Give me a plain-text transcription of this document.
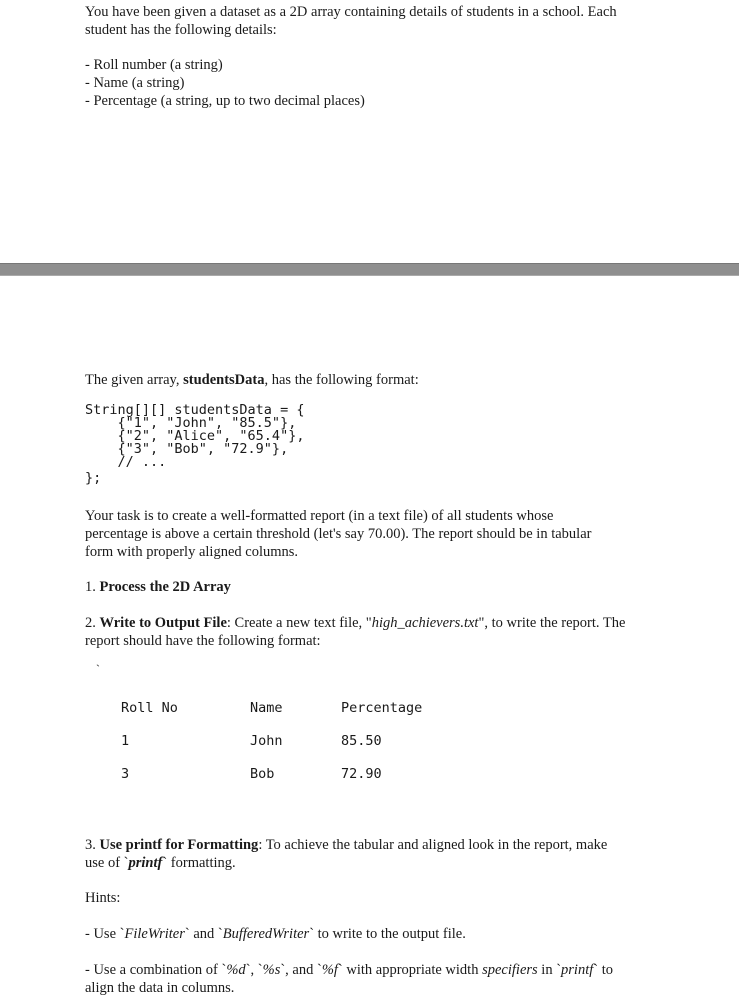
You have been given a dataset as a 2D array containing details of students in a school. Each
student has the following details:
- Roll number (a string)
- Name (a string)
- Percentage (a string, up to two decimal places)
The given array, studentsData, has the following format:
String[][] studentsData = {
{"1", "John", "85.5"},
{"2", "Alice", "65.4"},
{"3", "Bob", "72.9"},
// ...
};
Your task is to create a well-formatted report (in a text file) of all students whose
percentage is above a certain threshold (let's say 70.00). The report should be in tabular
form with properly aligned columns.
1. Process the 2D Array
2. Write to Output File: Create a new text file, "high_achievers.txt", to write the report. The
report should have the following format:
`
Roll No	Name	Percentage
1	John	85.50
3	Bob	72.90
3. Use printf for Formatting: To achieve the tabular and aligned look in the report, make
use of `printf` formatting.
Hints:
- Use `FileWriter` and `BufferedWriter` to write to the output file.
- Use a combination of `%d`, `%s`, and `%f` with appropriate width specifiers in `printf` to
align the data in columns.
